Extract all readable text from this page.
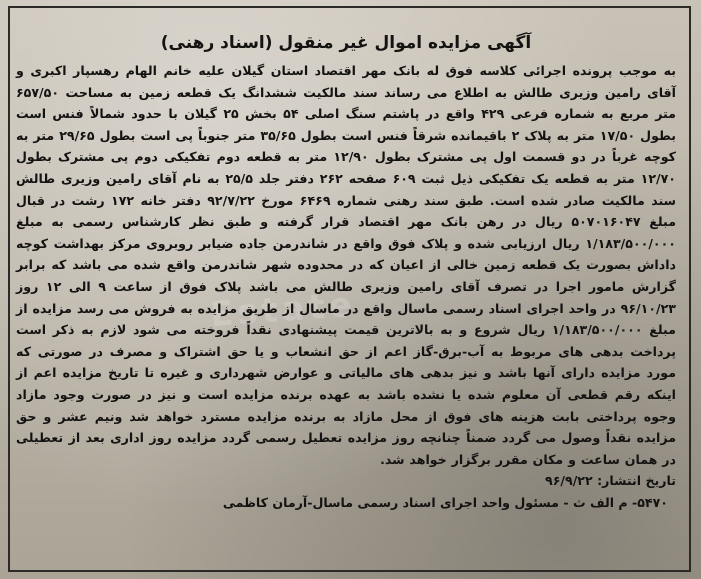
Estate
آگهی مزایده اموال غیر منقول (اسناد رهنی)

به موجب پرونده اجرائی کلاسه فوق له بانک مهر اقتصاد استان گیلان علیه خانم الهام رهسپار اکبری و آقای رامین وزیری طالش به اطلاع می رساند سند مالکیت ششدانگ یک قطعه زمین به مساحت ۶۵۷/۵۰ متر مربع به شماره فرعی ۴۲۹ واقع در پاشتم سنگ اصلی ۵۴ بخش ۲۵ گیلان با حدود شمالاً فنس است بطول ۱۷/۵۰ متر به پلاک ۲ باقیمانده شرقاً فنس است بطول ۳۵/۶۵ متر جنوباً پی است بطول ۲۹/۶۵ متر به کوچه غرباً در دو قسمت اول پی مشترک بطول ۱۲/۹۰ متر به قطعه دوم تفکیکی دوم پی مشترک بطول ۱۲/۷۰ متر به قطعه یک تفکیکی ذیل ثبت ۶۰۹ صفحه ۲۶۲ دفتر جلد ۲۵/۵ به نام آقای رامین وزیری طالش سند مالکیت صادر شده است. طبق سند رهنی شماره ۶۴۶۹ مورخ ۹۲/۷/۲۲ دفتر خانه ۱۷۲ رشت در قبال مبلغ ۵۰۷۰۱۶۰۴۷ ریال در رهن بانک مهر اقتصاد قرار گرفته و طبق نظر کارشناس رسمی به مبلغ ۱/۱۸۳/۵۰۰/۰۰۰ ریال ارزیابی شده و پلاک فوق واقع در شاندرمن جاده ضیابر روبروی مرکز بهداشت کوچه داداش بصورت یک قطعه زمین خالی از اعیان که در محدوده شهر شاندرمن واقع شده می باشد که برابر گزارش مامور اجرا در تصرف آقای رامین وزیری طالش می باشد پلاک فوق از ساعت ۹ الی ۱۲ روز ۹۶/۱۰/۲۳ در واحد اجرای اسناد رسمی ماسال واقع در ماسال از طریق مزایده به فروش می رسد مزایده از مبلغ ۱/۱۸۳/۵۰۰/۰۰۰ ریال شروع و به بالاترین قیمت پیشنهادی نقداً فروخته می شود لازم به ذکر است پرداخت بدهی های مربوط به آب-برق-گاز اعم از حق انشعاب و یا حق اشتراک و مصرف در صورتی که مورد مزایده دارای آنها باشد و نیز بدهی های مالیاتی و عوارض شهرداری و غیره تا تاریخ مزایده اعم از اینکه رقم قطعی آن معلوم شده یا نشده باشد به عهده برنده مزایده است و نیز در صورت وجود مازاد وجوه پرداختی بابت هزینه های فوق از محل مازاد به برنده مزایده مسترد خواهد شد ونیم عشر و حق مزایده نقداً وصول می گردد ضمناً چنانچه روز مزایده تعطیل رسمی گردد مزایده روز اداری بعد از تعطیلی در همان ساعت و مکان مقرر برگزار خواهد شد.

تاریخ انتشار: ۹۶/۹/۲۲

۵۴۷۰- م الف ث - مسئول واحد اجرای اسناد رسمی ماسال-آرمان کاظمی
